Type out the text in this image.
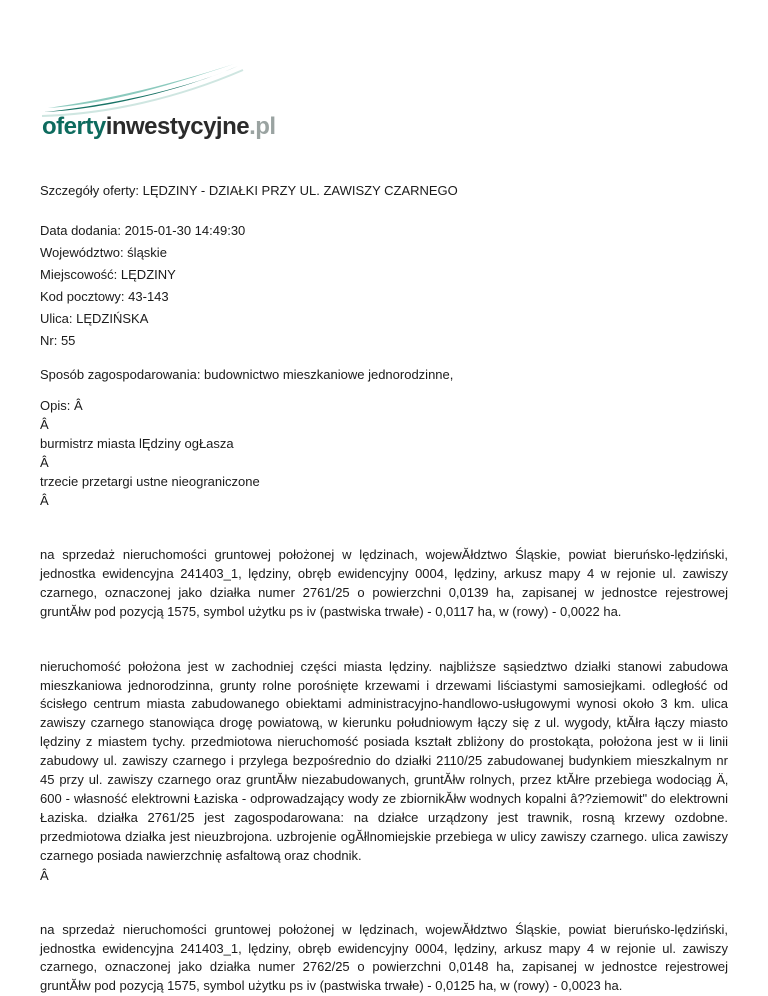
ofertyinwestycyjne.pl

Szczegóły oferty: LĘDZINY - DZIAŁKI PRZY UL. ZAWISZY CZARNEGO

Data dodania: 2015-01-30 14:49:30

Województwo: śląskie

Miejscowość: LĘDZINY

Kod pocztowy: 43-143

Ulica: LĘDZIŃSKA

Nr: 55

Sposób zagospodarowania: budownictwo mieszkaniowe jednorodzinne,

Opis: Â

Â

burmistrz miasta lĘdziny ogŁasza

Â

trzecie przetargi ustne nieograniczone

Â

na sprzedaż nieruchomości gruntowej położonej w lędzinach, wojewĂłdztwo Śląskie, powiat bieruńsko-lędziński, jednostka ewidencyjna 241403_1, lędziny, obręb ewidencyjny 0004, lędziny, arkusz mapy 4 w rejonie ul. zawiszy czarnego, oznaczonej jako działka numer 2761/25 o powierzchni 0,0139 ha, zapisanej w jednostce rejestrowej gruntĂłw pod pozycją 1575, symbol użytku ps iv (pastwiska trwałe) - 0,0117 ha, w (rowy) - 0,0022 ha.

nieruchomość położona jest w zachodniej części miasta lędziny. najbliższe sąsiedztwo działki stanowi zabudowa mieszkaniowa jednorodzinna, grunty rolne porośnięte krzewami i drzewami liściastymi samosiejkami. odległość od ścisłego centrum miasta zabudowanego obiektami administracyjno-handlowo-usługowymi wynosi około 3 km. ulica zawiszy czarnego stanowiąca drogę powiatową, w kierunku południowym łączy się z ul. wygody, ktĂłra łączy miasto lędziny z miastem tychy. przedmiotowa nieruchomość posiada kształt zbliżony do prostokąta, położona jest w ii linii zabudowy ul. zawiszy czarnego i przylega bezpośrednio do działki 2110/25 zabudowanej budynkiem mieszkalnym nr 45 przy ul. zawiszy czarnego oraz gruntĂłw niezabudowanych, gruntĂłw rolnych, przez ktĂłre przebiega wodociąg Ä‚ 600 - własność elektrowni Łaziska - odprowadzający wody ze zbiornikĂłw wodnych kopalni â??ziemowit" do elektrowni Łaziska. działka 2761/25 jest zagospodarowana: na działce urządzony jest trawnik, rosną krzewy ozdobne. przedmiotowa działka jest nieuzbrojona. uzbrojenie ogĂłlnomiejskie przebiega w ulicy zawiszy czarnego. ulica zawiszy czarnego posiada nawierzchnię asfaltową oraz chodnik.

Â

na sprzedaż nieruchomości gruntowej położonej w lędzinach, wojewĂłdztwo Śląskie, powiat bieruńsko-lędziński, jednostka ewidencyjna 241403_1, lędziny, obręb ewidencyjny 0004, lędziny, arkusz mapy 4 w rejonie ul. zawiszy czarnego, oznaczonej jako działka numer 2762/25 o powierzchni 0,0148 ha, zapisanej w jednostce rejestrowej gruntĂłw pod pozycją 1575, symbol użytku ps iv (pastwiska trwałe) - 0,0125 ha, w (rowy) - 0,0023 ha.
